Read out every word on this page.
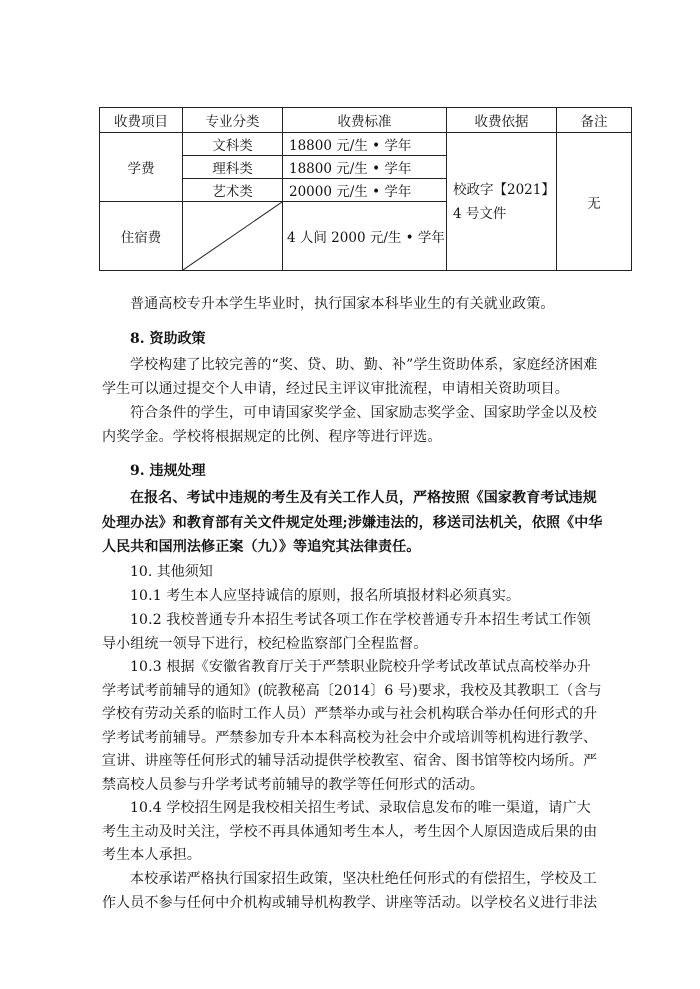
收费项目	专业分类	收费标准	收费依据	备注
学费	文科类	18800 元/生 • 学年	校政字【2021】4 号文件	无
	理科类	18800 元/生 • 学年		
	艺术类	20000 元/生 • 学年		
住宿费		4 人间 2000 元/生 • 学年		

普通高校专升本学生毕业时，执行国家本科毕业生的有关就业政策。

8. 资助政策

学校构建了比较完善的“奖、贷、助、勤、补”学生资助体系，家庭经济困难学生可以通过提交个人申请，经过民主评议审批流程，申请相关资助项目。

符合条件的学生，可申请国家奖学金、国家励志奖学金、国家助学金以及校内奖学金。学校将根据规定的比例、程序等进行评选。

9. 违规处理

在报名、考试中违规的考生及有关工作人员，严格按照《国家教育考试违规处理办法》和教育部有关文件规定处理;涉嫌违法的，移送司法机关，依照《中华人民共和国刑法修正案（九）》等追究其法律责任。

10. 其他须知

10.1 考生本人应坚持诚信的原则，报名所填报材料必须真实。

10.2 我校普通专升本招生考试各项工作在学校普通专升本招生考试工作领导小组统一领导下进行，校纪检监察部门全程监督。

10.3 根据《安徽省教育厅关于严禁职业院校升学考试改革试点高校举办升学考试考前辅导的通知》(皖教秘高〔2014〕6 号)要求，我校及其教职工（含与学校有劳动关系的临时工作人员）严禁举办或与社会机构联合举办任何形式的升学考试考前辅导。严禁参加专升本本科高校为社会中介或培训等机构进行教学、宣讲、讲座等任何形式的辅导活动提供学校教室、宿舍、图书馆等校内场所。严禁高校人员参与升学考试考前辅导的教学等任何形式的活动。

10.4 学校招生网是我校相关招生考试、录取信息发布的唯一渠道，请广大考生主动及时关注，学校不再具体通知考生本人，考生因个人原因造成后果的由考生本人承担。

本校承诺严格执行国家招生政策，坚决杜绝任何形式的有偿招生，学校及工作人员不参与任何中介机构或辅导机构教学、讲座等活动。以学校名义进行非法
